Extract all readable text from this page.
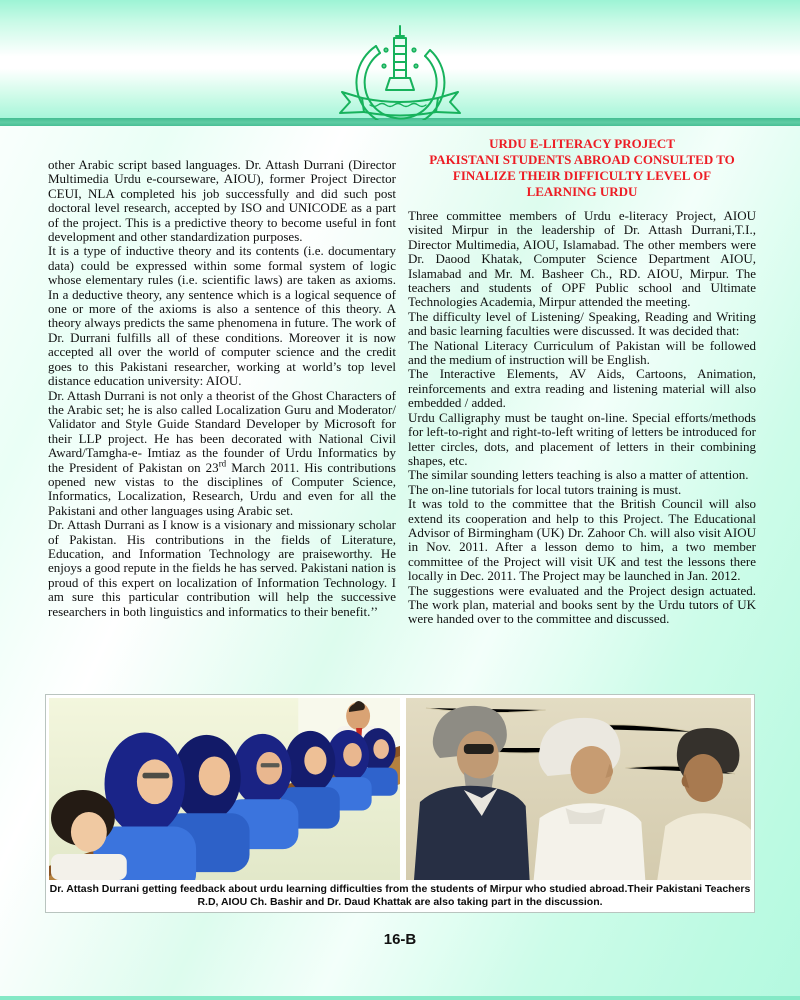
other Arabic script based languages. Dr. Attash Durrani (Director Multimedia Urdu e-courseware, AIOU), former Project Director CEUI, NLA completed his job successfully and did such post doctoral level research, accepted by ISO and UNICODE as a part of the project. This is a predictive theory to become useful in font development and other standardization purposes.

It is a type of inductive theory and its contents (i.e. documentary data) could be expressed within some formal system of logic whose elementary rules (i.e. scientific laws) are taken as axioms. In a deductive theory, any sentence which is a logical sequence of one or more of the axioms is also a sentence of this theory. A theory always predicts the same phenomena in future. The work of Dr. Durrani fulfills all of these conditions. Moreover it is now accepted all over the world of computer science and the credit goes to this Pakistani researcher, working at world’s top level distance education university: AIOU.

Dr. Attash Durrani is not only a theorist of the Ghost Characters of the Arabic set; he is also called Localization Guru and Moderator/ Validator and Style Guide Standard Developer by Microsoft for their LLP project. He has been decorated with National Civil Award/Tamgha-e- Imtiaz as the founder of Urdu Informatics by the President of Pakistan on 23rd March 2011. His contributions opened new vistas to the disciplines of Computer Science, Informatics, Localization, Research, Urdu and even for all the Pakistani and other languages using Arabic set.

Dr. Attash Durrani as I know is a visionary and missionary scholar of Pakistan. His contributions in the fields of Literature, Education, and Information Technology are praiseworthy. He enjoys a good repute in the fields he has served. Pakistani nation is proud of this expert on localization of Information Technology. I am sure this particular contribution will help the successive researchers in both linguistics and informatics to their benefit.’’

URDU E-LITERACY PROJECT
PAKISTANI STUDENTS ABROAD CONSULTED TO
FINALIZE THEIR DIFFICULTY LEVEL OF
LEARNING URDU

Three committee members of Urdu e-literacy Project, AIOU visited Mirpur in the leadership of Dr. Attash Durrani,T.I., Director Multimedia, AIOU, Islamabad. The other members were Dr. Daood Khatak, Computer Science Department AIOU, Islamabad and Mr. M. Basheer Ch., RD. AIOU, Mirpur. The teachers and students of OPF Public school and Ultimate Technologies Academia, Mirpur attended the meeting.

The difficulty level of Listening/ Speaking, Reading and Writing and basic learning faculties were discussed. It was decided that:

The National Literacy Curriculum of Pakistan will be followed and the medium of instruction will be English.

The Interactive Elements, AV Aids, Cartoons, Animation, reinforcements and extra reading and listening material will also embedded / added.

Urdu Calligraphy must be taught on-line. Special efforts/methods for left-to-right and right-to-left writing of letters be introduced for letter circles, dots, and placement of letters in their combining shapes, etc.

The similar sounding letters teaching is also a matter of attention.

The on-line tutorials for local tutors training is must.

It was told to the committee that the British Council will also extend its cooperation and help to this Project. The Educational Advisor of Birmingham (UK) Dr. Zahoor Ch. will also visit AIOU in Nov. 2011. After a lesson demo to him, a two member committee of the Project will visit UK and test the lessons there locally in Dec. 2011. The Project may be launched in Jan. 2012.

The suggestions were evaluated and the Project design actuated. The work plan, material and books sent by the Urdu tutors of UK were handed over to the committee and discussed.

Dr. Attash Durrani getting feedback about urdu learning difficulties from the students of Mirpur who studied abroad.Their Pakistani Teachers
R.D, AIOU Ch. Bashir and Dr. Daud Khattak are also taking part in the discussion.
16-B
